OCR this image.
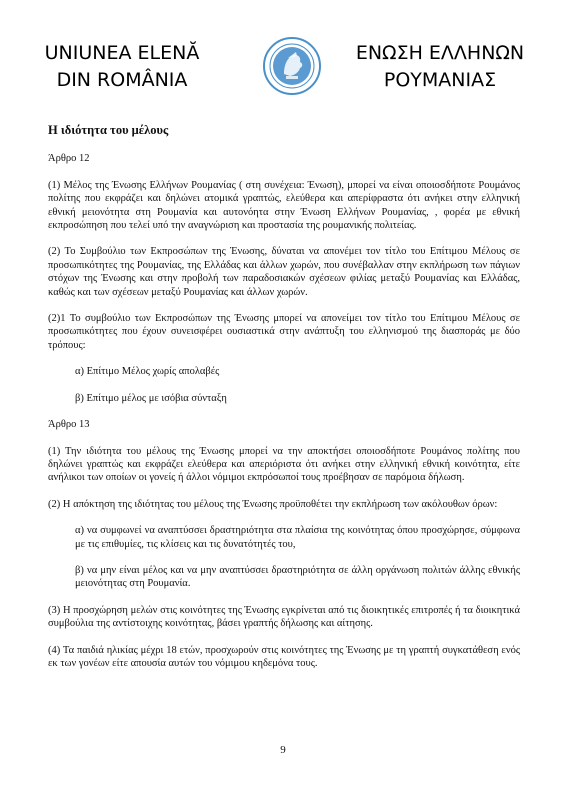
UNIUNEA ELENĂ
DIN ROMÂNIA
ΕΝΩΣΗ ΕΛΛΗΝΩΝ
ΡΟΥΜΑΝΙΑΣ
Η ιδιότητα του μέλους
Άρθρο 12
(1) Μέλος της Ένωσης Ελλήνων Ρουμανίας ( στη συνέχεια: Ένωση), μπορεί να είναι οποιοσδήποτε Ρουμάνος πολίτης που εκφράζει και δηλώνει ατομικά γραπτώς, ελεύθερα και απερίφραστα ότι ανήκει στην ελληνική εθνική μειονότητα στη Ρουμανία και αυτονόητα στην Ένωση Ελλήνων Ρουμανίας, , φορέα με εθνική εκπροσώπηση που τελεί υπό την αναγνώριση και προστασία της ρουμανικής πολιτείας.
(2) Το Συμβούλιο των Εκπροσώπων της Ένωσης, δύναται να απονέμει τον τίτλο του Επίτιμου Μέλους σε προσωπικότητες της Ρουμανίας, της Ελλάδας και άλλων χωρών, που συνέβαλλαν στην εκπλήρωση των πάγιων στόχων της Ένωσης και στην προβολή των παραδοσιακών σχέσεων φιλίας μεταξύ Ρουμανίας και Ελλάδας, καθώς και των σχέσεων μεταξύ Ρουμανίας και άλλων χωρών.
(2)1 Το συμβούλιο των Εκπροσώπων της Ένωσης μπορεί να απονείμει τον τίτλο του Επίτιμου Μέλους σε προσωπικότητες που έχουν συνεισφέρει ουσιαστικά στην ανάπτυξη του ελληνισμού της διασποράς με δύο τρόπους:
α) Επίτιμο Μέλος χωρίς απολαβές
β) Επίτιμο μέλος με ισόβια σύνταξη
Άρθρο 13
(1) Την ιδιότητα του μέλους της Ένωσης μπορεί να την αποκτήσει οποιοσδήποτε Ρουμάνος πολίτης που δηλώνει γραπτώς και εκφράζει ελεύθερα και απεριόριστα ότι ανήκει στην ελληνική εθνική κοινότητα, είτε ανήλικοι των οποίων οι γονείς ή άλλοι νόμιμοι εκπρόσωποί τους προέβησαν σε παρόμοια δήλωση.
(2) Η απόκτηση της ιδιότητας του μέλους της Ένωσης προϋποθέτει την εκπλήρωση των ακόλουθων όρων:
α) να συμφωνεί να αναπτύσσει δραστηριότητα στα πλαίσια της κοινότητας όπου προσχώρησε, σύμφωνα με τις επιθυμίες, τις κλίσεις και τις δυνατότητές του,
β) να μην είναι μέλος και να μην αναπτύσσει δραστηριότητα σε άλλη οργάνωση πολιτών άλλης εθνικής μειονότητας στη Ρουμανία.
(3) Η προσχώρηση μελών στις κοινότητες της Ένωσης εγκρίνεται από τις διοικητικές επιτροπές ή τα διοικητικά συμβούλια της αντίστοιχης κοινότητας, βάσει γραπτής δήλωσης και αίτησης.
(4) Τα παιδιά ηλικίας μέχρι 18 ετών, προσχωρούν στις κοινότητες της Ένωσης με τη γραπτή συγκατάθεση ενός εκ των γονέων είτε απουσία αυτών του νόμιμου κηδεμόνα τους.
9
